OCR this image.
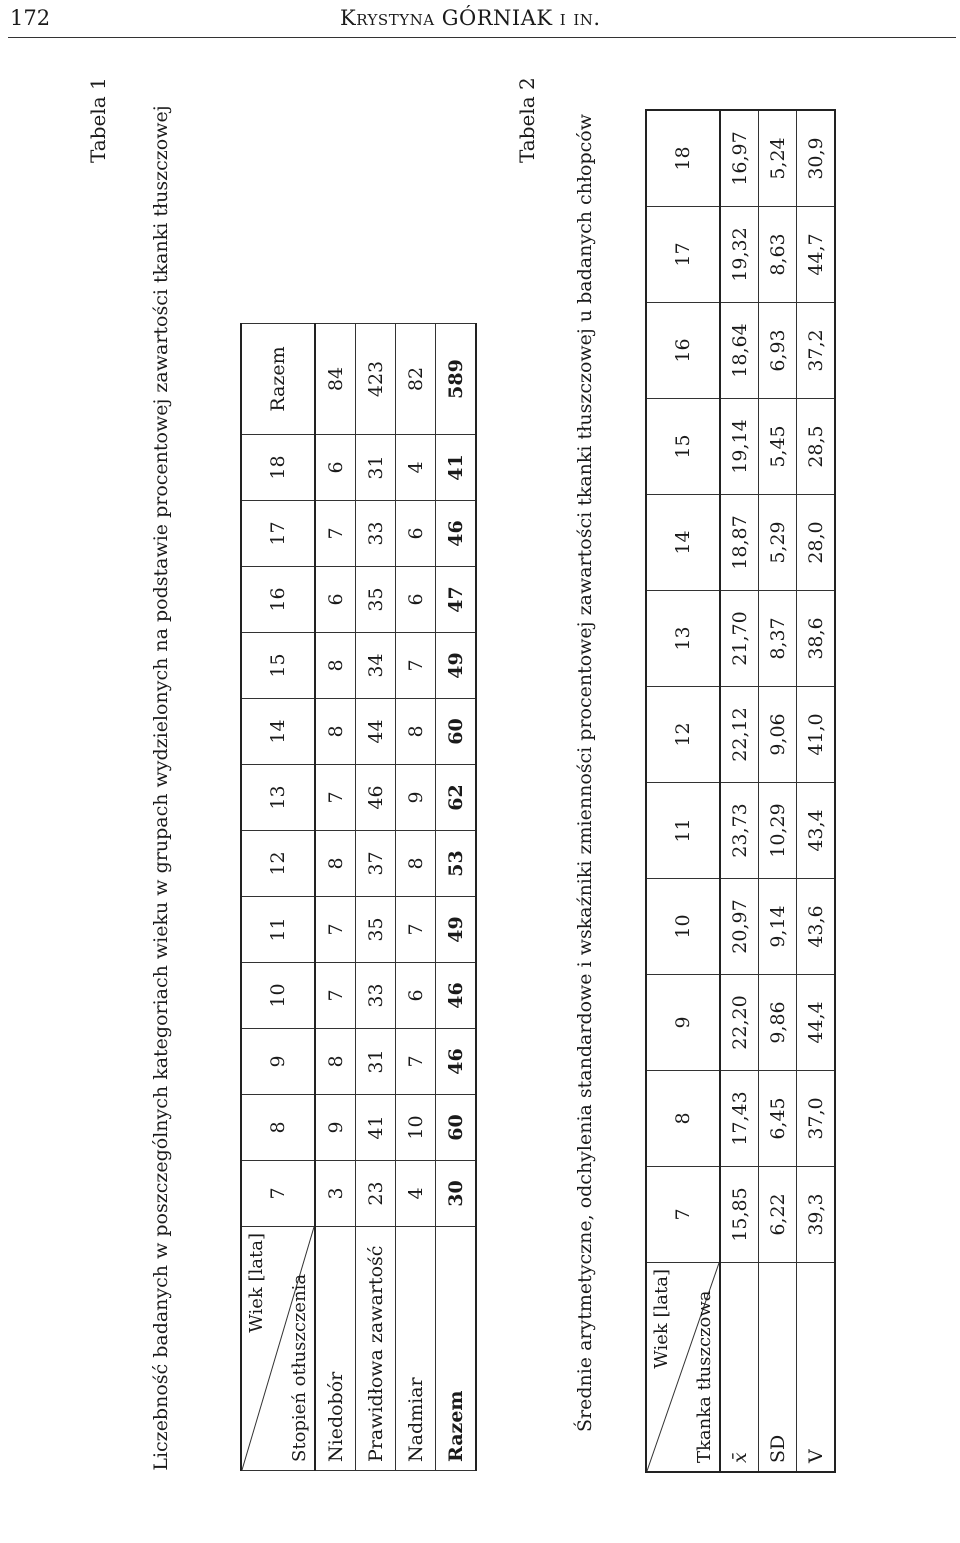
172	Krystyna GÓRNIAK i in.
Tabela 1 Liczebność badanych w poszczególnych kategoriach wieku w grupach wydzielonych na podstawie procentowej zawartości tkanki tłuszczowej	Wiek [lata] Stopień otłuszczenia	7	8	9	10	11	12	13	14	15	16	17	18	Razem
Niedobór	3	9	8	7	7	8	7	8	8	6	7	6	84
Prawidłowa zawartość	23	41	31	33	35	37	46	44	34	35	33	31	423
Nadmiar	4	10	7	6	7	8	9	8	7	6	6	4	82
Razem	30	60	46	46	49	53	62	60	49	47	46	41	589
Tabela 2 Średnie arytmetyczne, odchylenia standardowe i wskaźniki zmienności procentowej zawartości tkanki tłuszczowej u badanych chłopców	Wiek [lata] Tkanka tłuszczowa	7	8	9	10	11	12	13	14	15	16	17	18
x̄	15,85	17,43	22,20	20,97	23,73	22,12	21,70	18,87	19,14	18,64	19,32	16,97
SD	6,22	6,45	9,86	9,14	10,29	9,06	8,37	5,29	5,45	6,93	8,63	5,24
V	39,3	37,0	44,4	43,6	43,4	41,0	38,6	28,0	28,5	37,2	44,7	30,9
